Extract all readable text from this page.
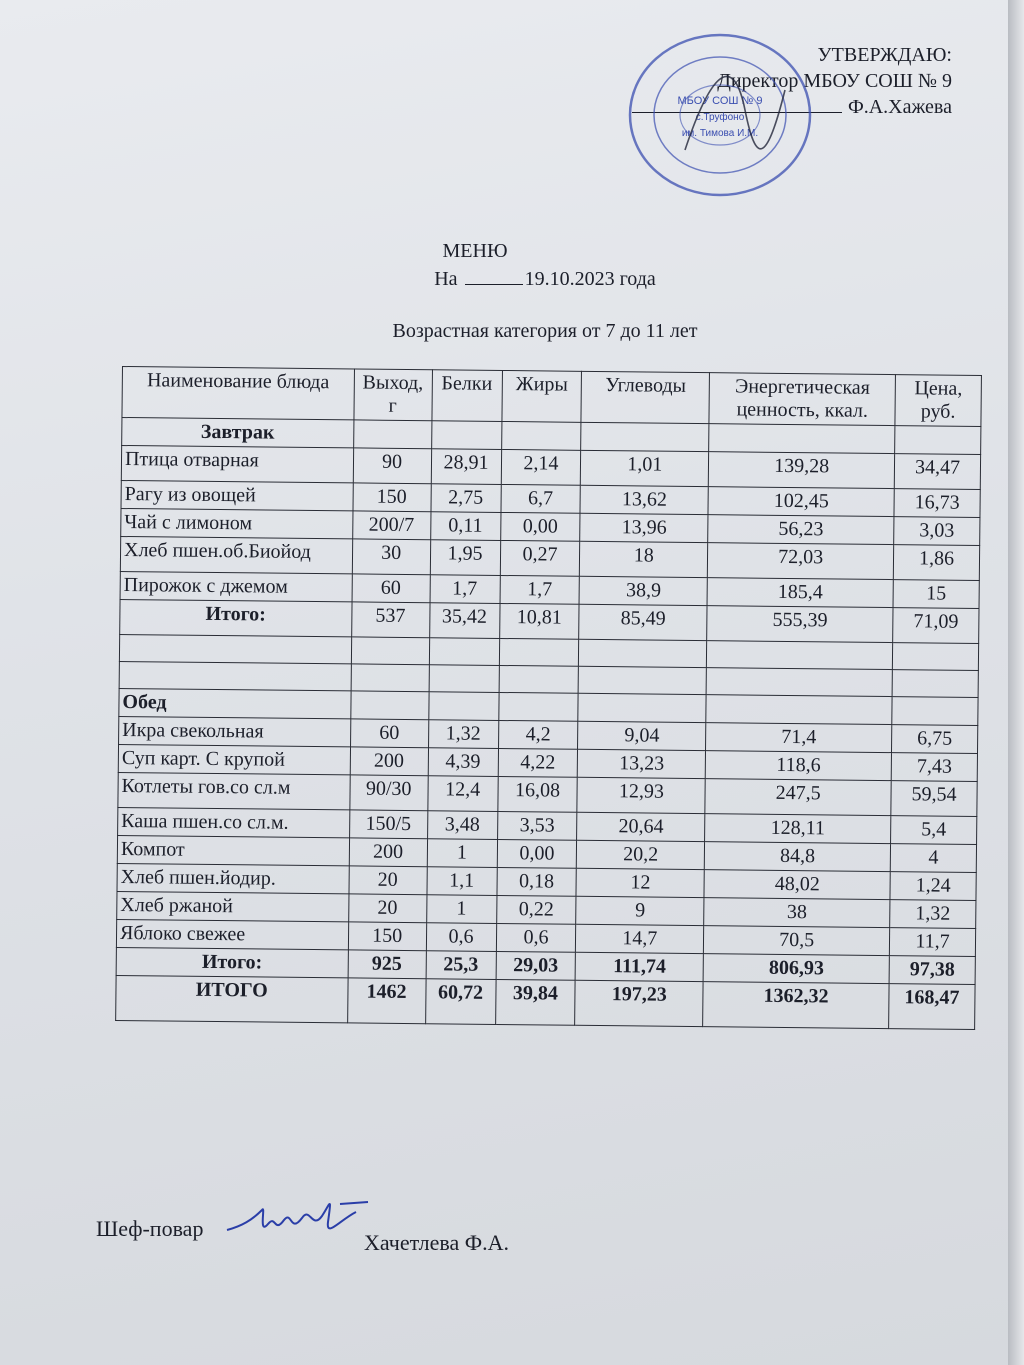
УТВЕРЖДАЮ:
Директор МБОУ СОШ № 9
Ф.А.Хажева
МБОУ СОШ № 9
с.Труфоно
им. Тимова И.М.
МЕНЮ
На	19.10.2023 года
Возрастная категория от 7 до 11 лет
Наименование блюда	Выход, г	Белки	Жиры	Углеводы	Энергетическая ценность, ккал.	Цена, руб.
Завтрак						
Птица отварная	90	28,91	2,14	1,01	139,28	34,47
Рагу из овощей	150	2,75	6,7	13,62	102,45	16,73
Чай с лимоном	200/7	0,11	0,00	13,96	56,23	3,03
Хлеб пшен.об.Биойод	30	1,95	0,27	18	72,03	1,86
Пирожок с джемом	60	1,7	1,7	38,9	185,4	15
Итого:	537	35,42	10,81	85,49	555,39	71,09

Обед						
Икра свекольная	60	1,32	4,2	9,04	71,4	6,75
Суп карт. С крупой	200	4,39	4,22	13,23	118,6	7,43
Котлеты гов.со сл.м	90/30	12,4	16,08	12,93	247,5	59,54
Каша пшен.со сл.м.	150/5	3,48	3,53	20,64	128,11	5,4
Компот	200	1	0,00	20,2	84,8	4
Хлеб пшен.йодир.	20	1,1	0,18	12	48,02	1,24
Хлеб ржаной	20	1	0,22	9	38	1,32
Яблоко свежее	150	0,6	0,6	14,7	70,5	11,7
Итого:	925	25,3	29,03	111,74	806,93	97,38
ИТОГО	1462	60,72	39,84	197,23	1362,32	168,47
Шеф-повар
Хачетлева Ф.А.
